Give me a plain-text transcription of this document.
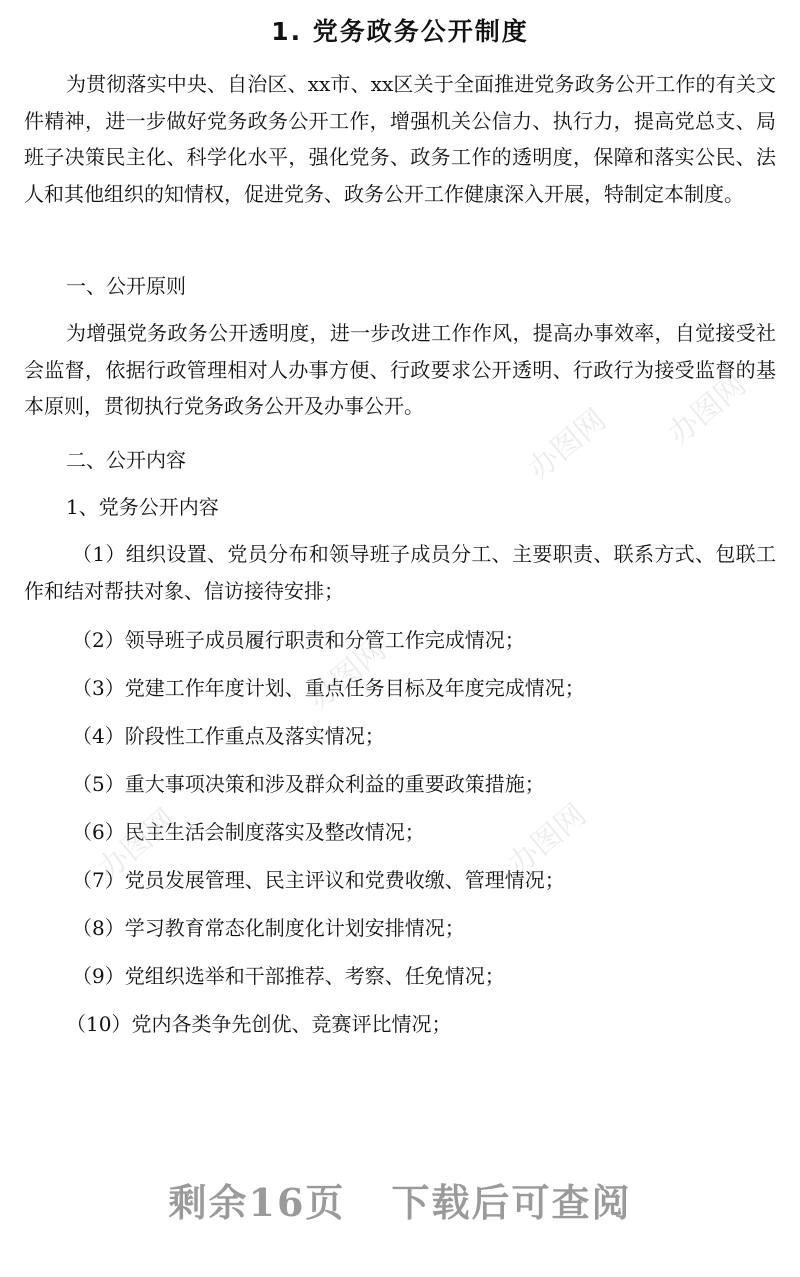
1. 党务政务公开制度

为贯彻落实中央、自治区、xx市、xx区关于全面推进党务政务公开工作的有关文件精神，进一步做好党务政务公开工作，增强机关公信力、执行力，提高党总支、局班子决策民主化、科学化水平，强化党务、政务工作的透明度，保障和落实公民、法人和其他组织的知情权，促进党务、政务公开工作健康深入开展，特制定本制度。

一、公开原则

为增强党务政务公开透明度，进一步改进工作作风，提高办事效率，自觉接受社会监督，依据行政管理相对人办事方便、行政要求公开透明、行政行为接受监督的基本原则，贯彻执行党务政务公开及办事公开。

二、公开内容

1、党务公开内容

（1）组织设置、党员分布和领导班子成员分工、主要职责、联系方式、包联工作和结对帮扶对象、信访接待安排；

（2）领导班子成员履行职责和分管工作完成情况；

（3）党建工作年度计划、重点任务目标及年度完成情况；

（4）阶段性工作重点及落实情况；

（5）重大事项决策和涉及群众利益的重要政策措施；

（6）民主生活会制度落实及整改情况；

（7）党员发展管理、民主评议和党费收缴、管理情况；

（8）学习教育常态化制度化计划安排情况；

（9）党组织选举和干部推荐、考察、任免情况；

（10）党内各类争先创优、竞赛评比情况；

办图网 办图网
办图网
办图网
办图网
剩余16页 下载后可查阅
